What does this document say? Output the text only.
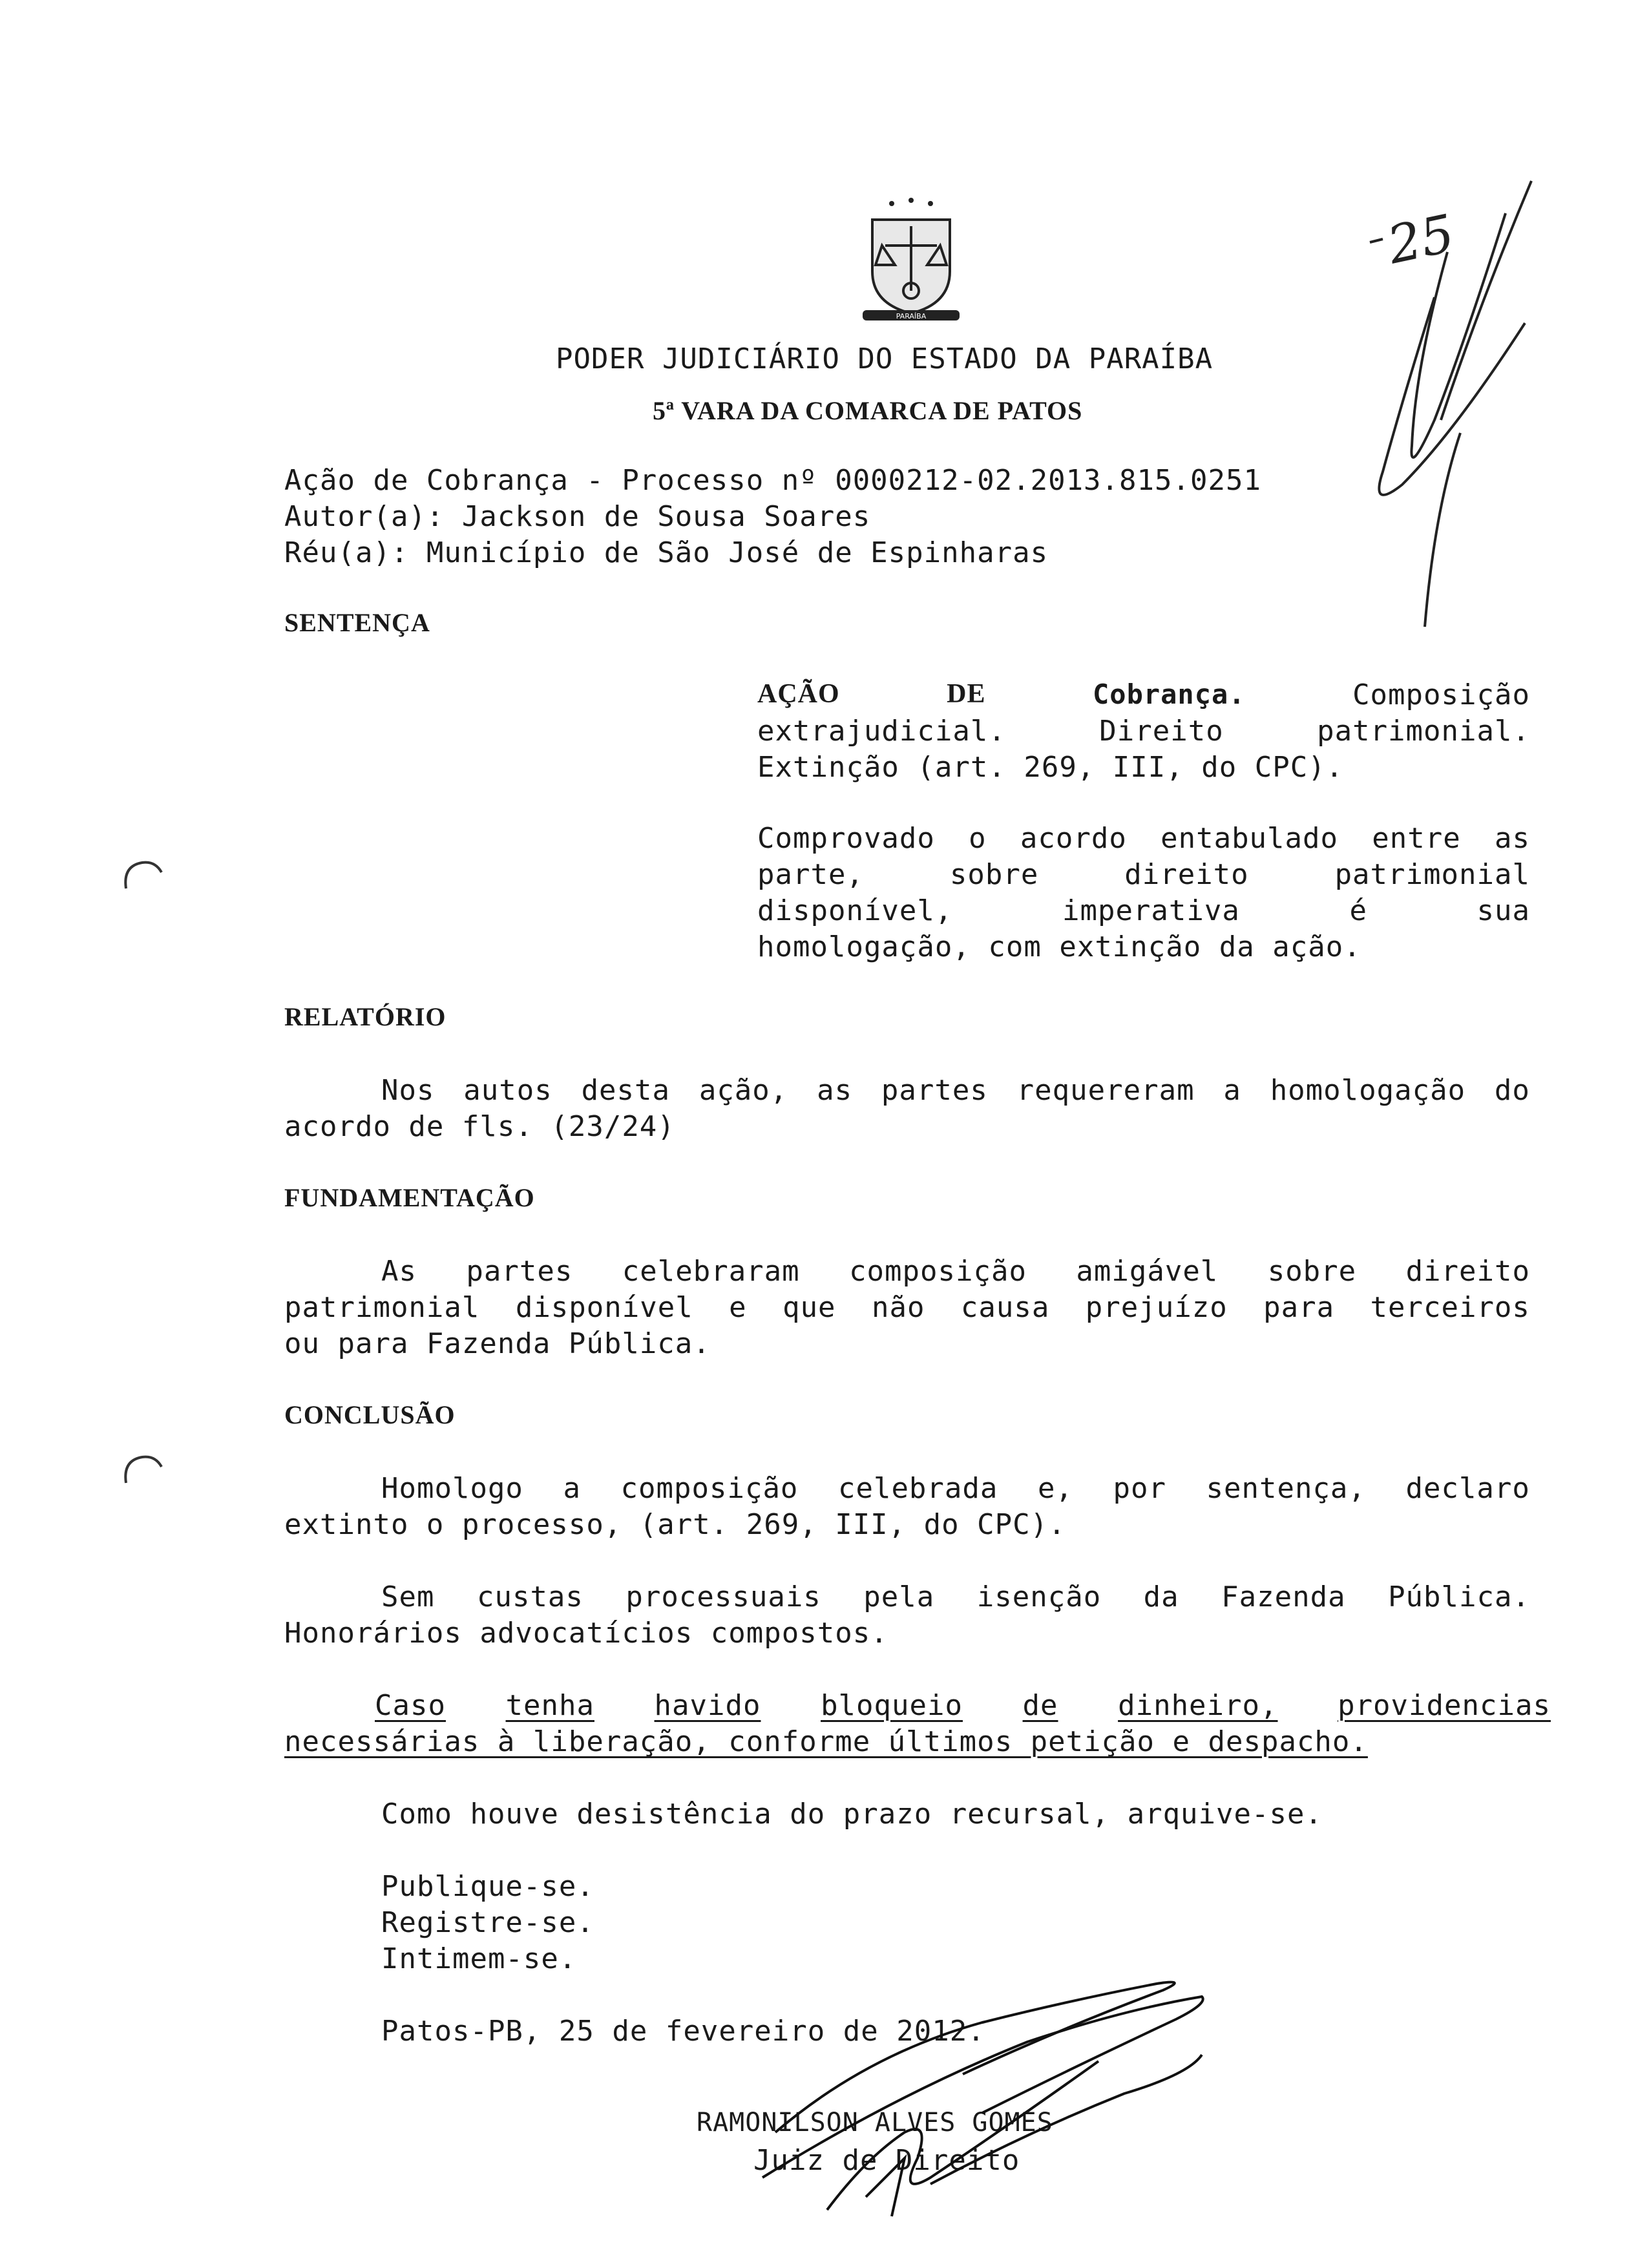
PARAÍBA
25
PODER JUDICIÁRIO DO ESTADO DA PARAÍBA
5ª VARA DA COMARCA DE PATOS
Ação de Cobrança - Processo nº 0000212-02.2013.815.0251
Autor(a): Jackson de Sousa Soares
Réu(a): Município de São José de Espinharas
SENTENÇA
AÇÃO	DE	Cobrança.	Composição
extrajudicial.	Direito	patrimonial.
Extinção (art. 269, III, do CPC).
Comprovado o acordo entabulado entre as
parte,	sobre	direito	patrimonial
disponível,	imperativa	é	sua
homologação, com extinção da ação.
RELATÓRIO
Nos autos desta ação, as partes requereram a homologação do
acordo de fls. (23/24)
FUNDAMENTAÇÃO
As partes celebraram composição amigável sobre direito
patrimonial disponível e que não causa prejuízo para terceiros
ou para Fazenda Pública.
CONCLUSÃO
Homologo a composição celebrada e, por sentença, declaro
extinto o processo, (art. 269, III, do CPC).
Sem custas processuais pela isenção da Fazenda Pública.
Honorários advocatícios compostos.
Caso tenha havido bloqueio de dinheiro, providencias
necessárias à liberação, conforme últimos petição e despacho.
Como houve desistência do prazo recursal, arquive-se.
Publique-se.
Registre-se.
Intimem-se.
Patos-PB, 25 de fevereiro de 2012.
RAMONILSON ALVES GOMES
Juiz de Direito
